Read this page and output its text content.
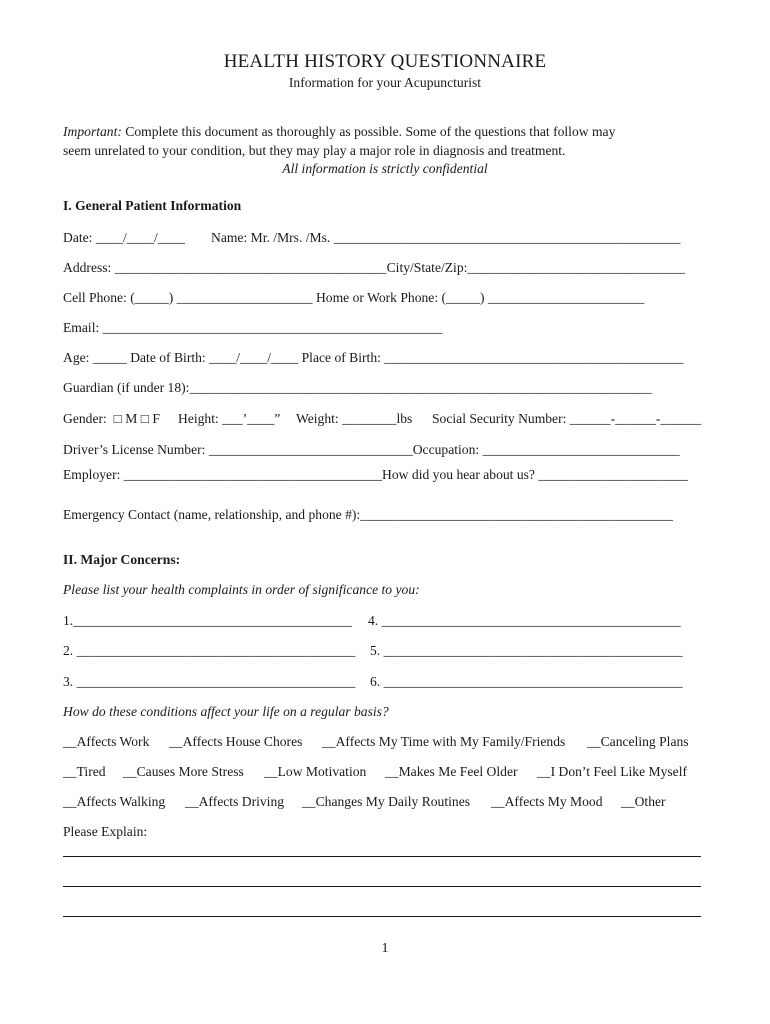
HEALTH HISTORY QUESTIONNAIRE
Information for your Acupuncturist
Important: Complete this document as thoroughly as possible. Some of the questions that follow may
seem unrelated to your condition, but they may play a major role in diagnosis and treatment.
All information is strictly confidential
I. General Patient Information
Date: ____/____/____ Name: Mr. /Mrs. /Ms. ___________________________________________________
Address: ________________________________________City/State/Zip:________________________________
Cell Phone: (_____) ____________________ Home or Work Phone: (_____) _______________________
Email: __________________________________________________
Age: _____ Date of Birth: ____/____/____ Place of Birth: ____________________________________________
Guardian (if under 18):____________________________________________________________________
Gender: □ M □ F Height: ___’____” Weight: ________lbs Social Security Number: ______-______-______
Driver’s License Number: ______________________________Occupation: _____________________________
Employer: ______________________________________How did you hear about us? ______________________
Emergency Contact (name, relationship, and phone #):______________________________________________
II. Major Concerns:
Please list your health complaints in order of significance to you:
1._________________________________________ 4. ____________________________________________
2. _________________________________________ 5. ____________________________________________
3. _________________________________________ 6. ____________________________________________
How do these conditions affect your life on a regular basis?
__Affects Work __Affects House Chores __Affects My Time with My Family/Friends __Canceling Plans
__Tired __Causes More Stress __Low Motivation __Makes Me Feel Older __I Don’t Feel Like Myself
__Affects Walking __Affects Driving __Changes My Daily Routines __Affects My Mood __Other
Please Explain:
1
